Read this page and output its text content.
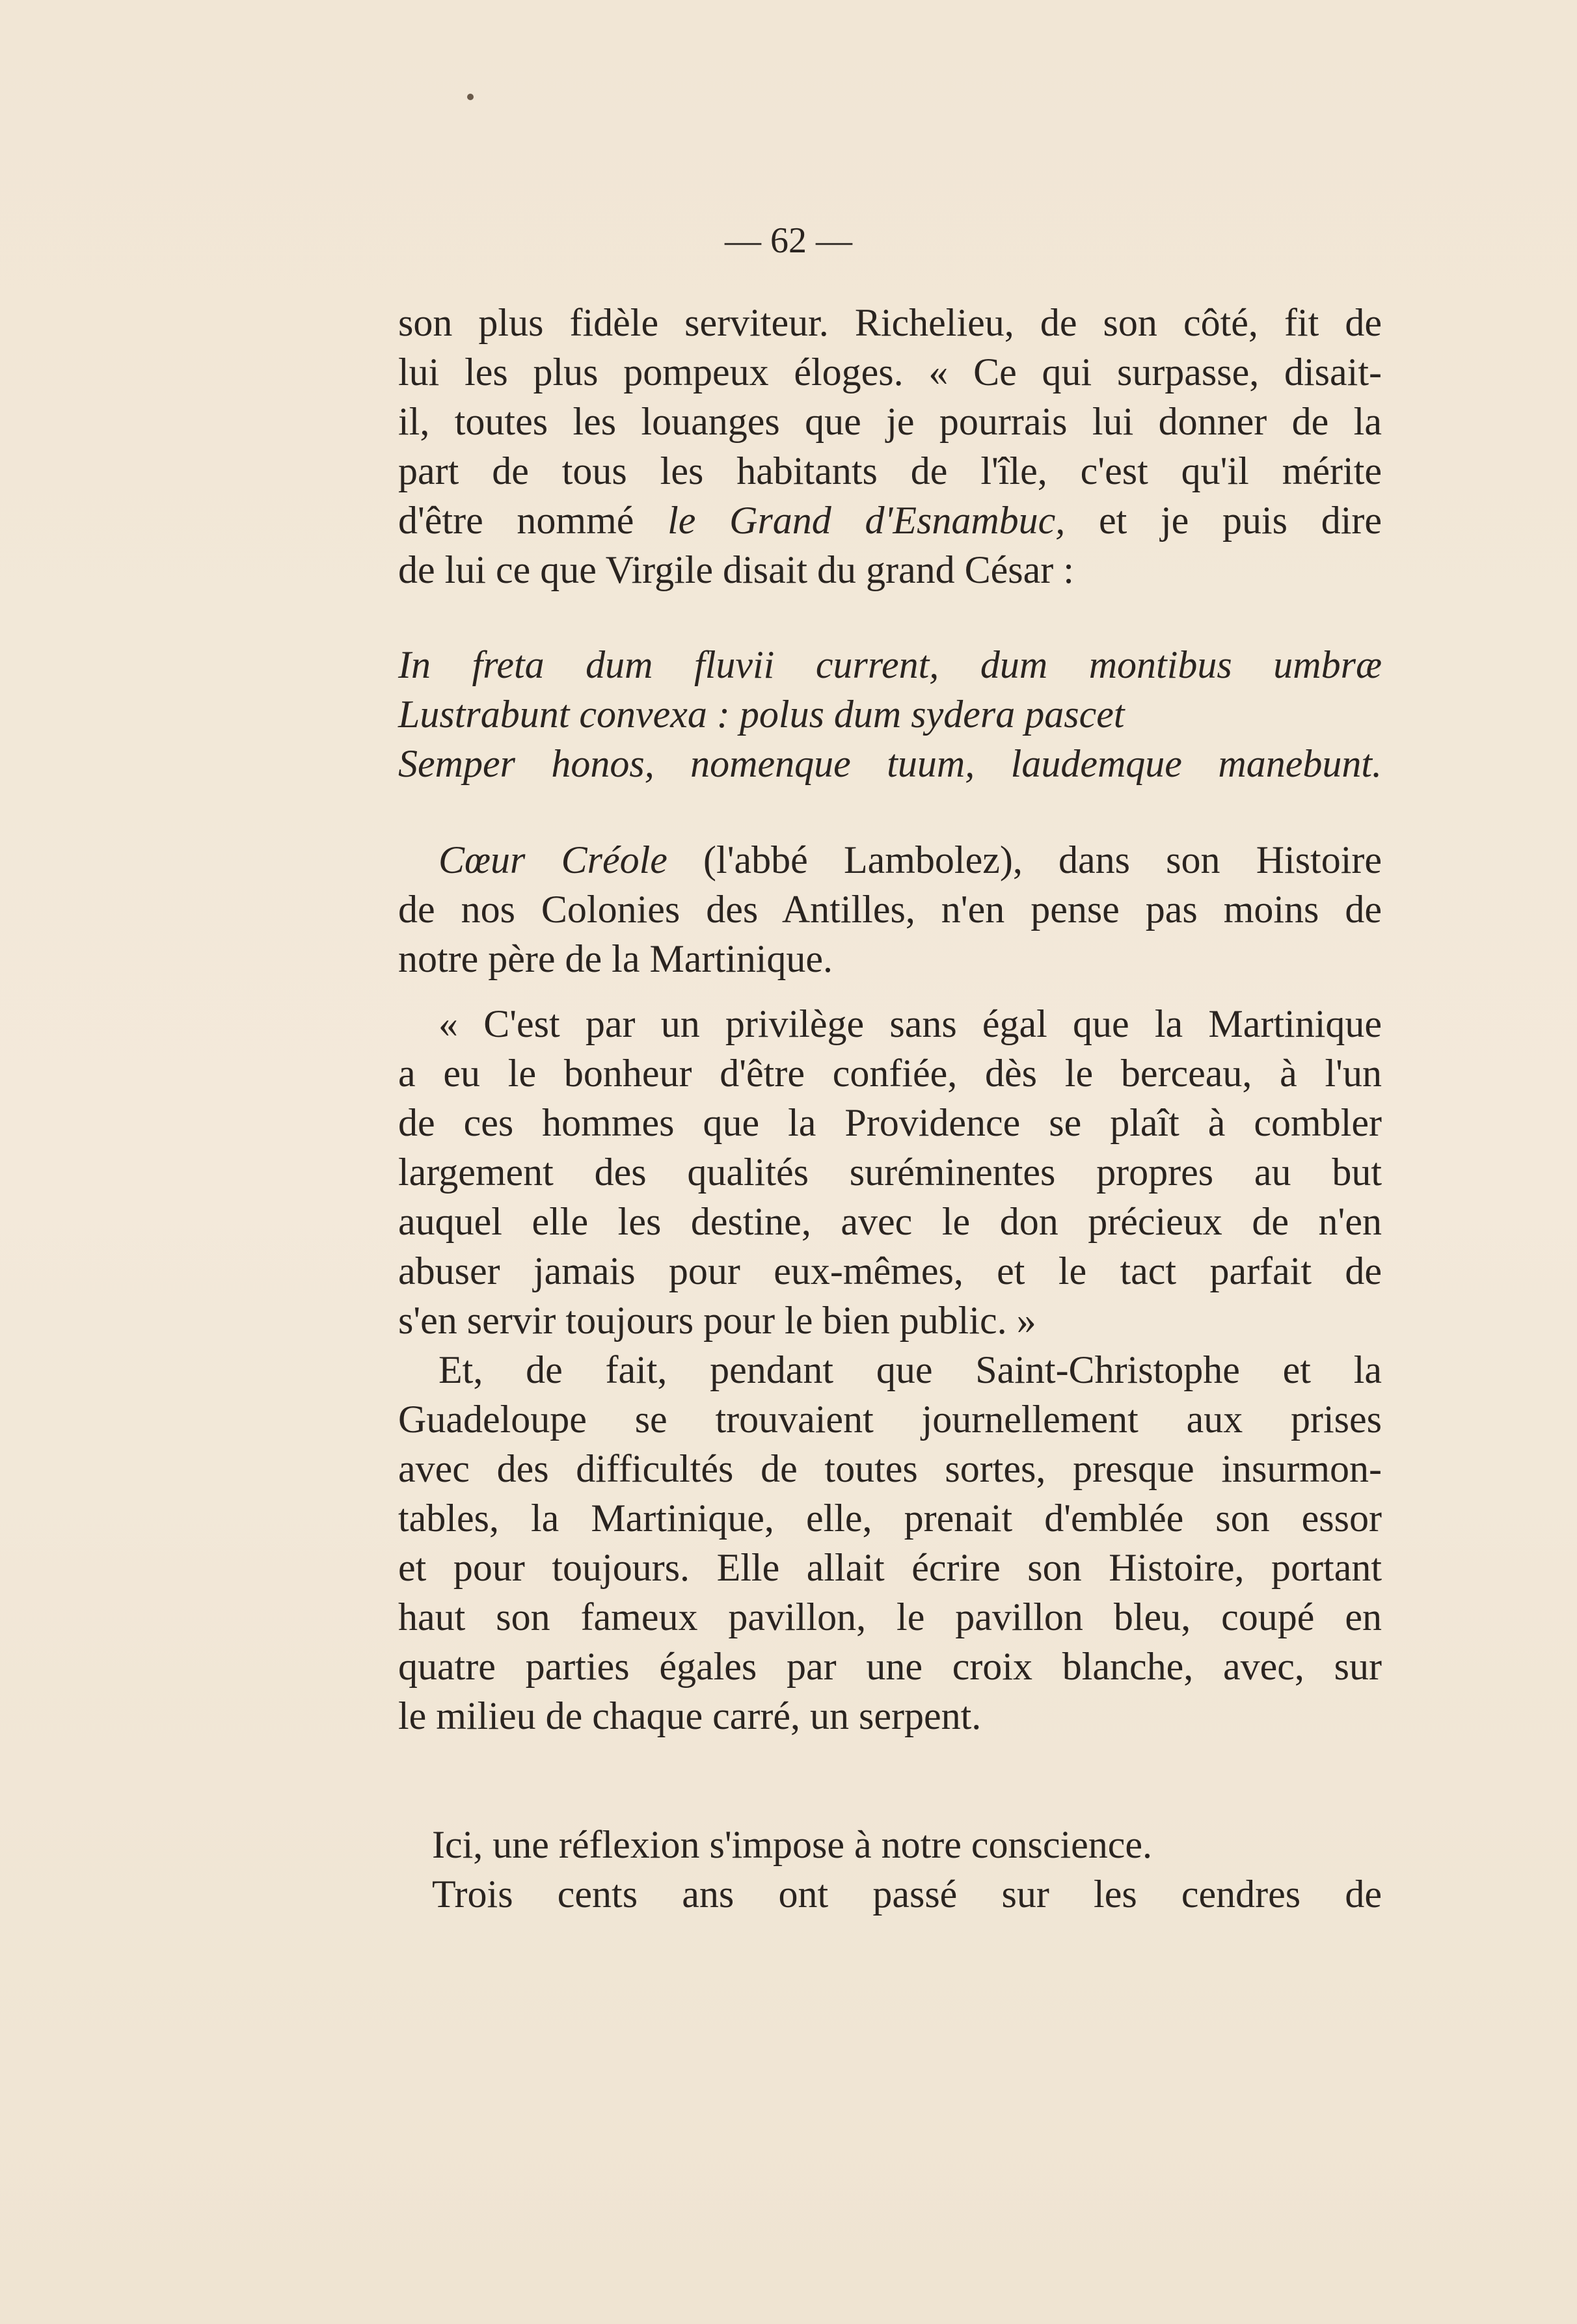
— 62 —
son plus fidèle serviteur. Richelieu, de son côté, fit de
lui les plus pompeux éloges. « Ce qui surpasse, disait-
il, toutes les louanges que je pourrais lui donner de la
part de tous les habitants de l'île, c'est qu'il mérite
d'être nommé le Grand d'Esnambuc, et je puis dire
de lui ce que Virgile disait du grand César :
In freta dum fluvii current, dum montibus umbræ
Lustrabunt convexa : polus dum sydera pascet
Semper honos, nomenque tuum, laudemque manebunt.
Cœur Créole (l'abbé Lambolez), dans son Histoire
de nos Colonies des Antilles, n'en pense pas moins de
notre père de la Martinique.
« C'est par un privilège sans égal que la Martinique
a eu le bonheur d'être confiée, dès le berceau, à l'un
de ces hommes que la Providence se plaît à combler
largement des qualités suréminentes propres au but
auquel elle les destine, avec le don précieux de n'en
abuser jamais pour eux-mêmes, et le tact parfait de
s'en servir toujours pour le bien public. »
Et, de fait, pendant que Saint-Christophe et la
Guadeloupe se trouvaient journellement aux prises
avec des difficultés de toutes sortes, presque insurmon-
tables, la Martinique, elle, prenait d'emblée son essor
et pour toujours. Elle allait écrire son Histoire, portant
haut son fameux pavillon, le pavillon bleu, coupé en
quatre parties égales par une croix blanche, avec, sur
le milieu de chaque carré, un serpent.
Ici, une réflexion s'impose à notre conscience.
Trois cents ans ont passé sur les cendres de
